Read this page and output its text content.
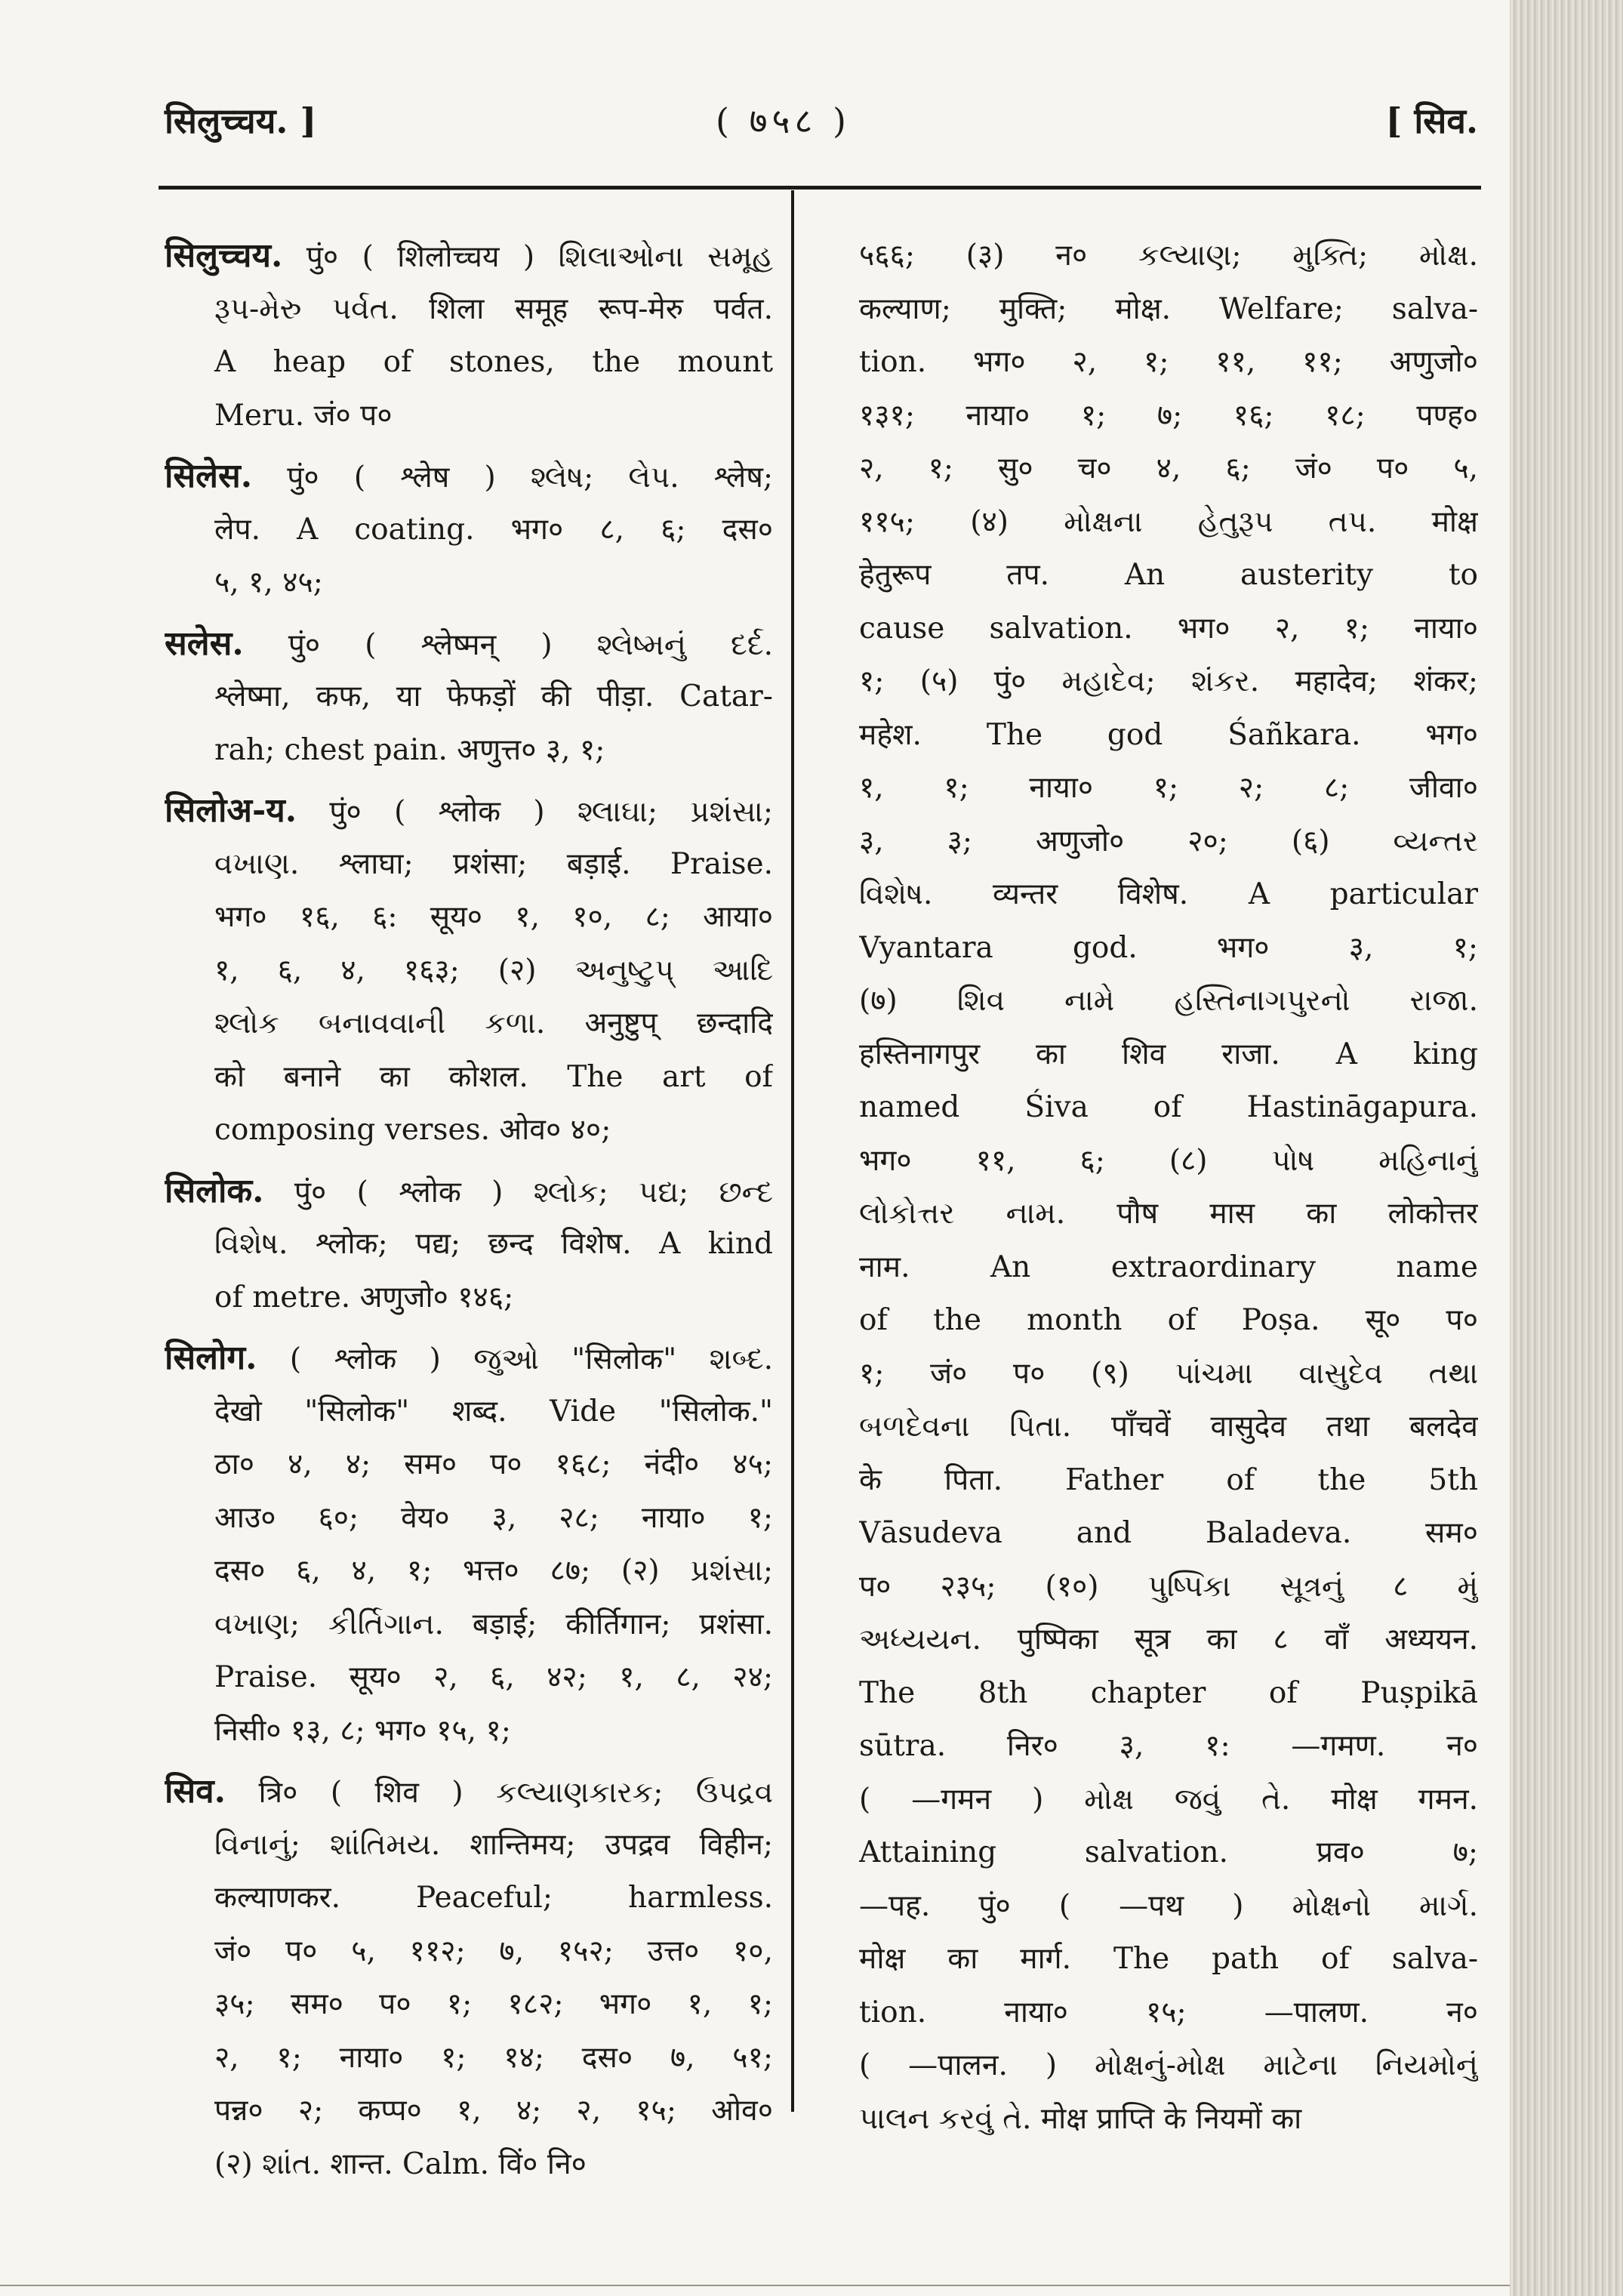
सिलुच्चय. ]	( ७५८ )	[ सिव.
सिलुच्चय. पुं० ( शिलोच्चय ) શિલાઓના સમૂહ
રૂપ-મેરુ પર્વત. शिला समूह रूप-मेरु पर्वत.
A heap of stones, the mount
Meru. जं० प०
सिलेस. पुं० ( श्लेष ) શ્લેષ; લેપ. श्लेष;
लेप. A coating. भग० ८, ६; दस०
५, १, ४५;
सलेस. पुं० ( श्लेष्मन् ) શ્લેષ્મનું દર્દ.
श्लेष्मा, कफ, या फेफड़ों की पीड़ा. Catar-
rah; chest pain. अणुत्त० ३, १;
सिलोअ-य. पुं० ( श्लोक ) શ્લાઘા; પ્રશંસા;
વખાણ. श्लाघा; प्रशंसा; बड़ाई. Praise.
भग० १६, ६: सूय० १, १०, ८; आया०
१, ६, ४, १६३; (२) અનુષ્ટુપ્ આદિ
શ્લોક બનાવવાની કળા. अनुष्टुप् छन्दादि
को बनाने का कोशल. The art of
composing verses. ओव० ४०;
सिलोक. पुं० ( श्लोक ) શ્લોક; પદ્ય; છન્દ
વિશેષ. श्लोक; पद्य; छन्द विशेष. A kind
of metre. अणुजो० १४६;
सिलोग. ( श्लोक ) જુઓ "सिलोक" શબ્દ.
देखो "सिलोक" शब्द. Vide "सिलोक."
ठा० ४, ४; सम० प० १६८; नंदी० ४५;
आउ० ६०; वेय० ३, २८; नाया० १;
दस० ६, ४, १; भत्त० ८७; (२) પ્રશંસા;
વખાણ; કીર્તિગાન. बड़ाई; कीर्तिगान; प्रशंसा.
Praise. सूय० २, ६, ४२; १, ८, २४;
निसी० १३, ८; भग० १५, १;
सिव. त्रि० ( शिव ) કલ્યાણકારક; ઉપદ્રવ
વિનાનું; શાંતિમય. शान्तिमय; उपद्रव विहीन;
कल्याणकर. Peaceful; harmless.
जं० प० ५, ११२; ७, १५२; उत्त० १०,
३५; सम० प० १; १८२; भग० १, १;
२, १; नाया० १; १४; दस० ७, ५१;
पन्न० २; कप्प० १, ४; २, १५; ओव०
(२) શાંત. शान्त. Calm. विं० नि०
५६६; (३) न० કલ્યાણ; મુક્તિ; મોક્ષ.
कल्याण; मुक्ति; मोक्ष. Welfare; salva-
tion. भग० २, १; ११, ११; अणुजो०
१३१; नाया० १; ७; १६; १८; पण्ह०
२, १; सु० च० ४, ६; जं० प० ५,
११५; (४) મોક્ષના હેતુરૂપ તપ. मोक्ष
हेतुरूप तप. An austerity to
cause salvation. भग० २, १; नाया०
१; (५) पुं० મહાદેવ; શંકર. महादेव; शंकर;
महेश. The god Śañkara. भग०
१, १; नाया० १; २; ८; जीवा०
३, ३; अणुजो० २०; (६) વ્યન્તર
વિશેષ. व्यन्तर विशेष. A particular
Vyantara god. भग० ३, १;
(७) શિવ નામે હસ્તિનાગપુરનો રાજા.
हस्तिनागपुर का शिव राजा. A king
named Śiva of Hastināgapura.
भग० ११, ६; (८) પોષ મહિનાનું
લોકોત્તર નામ. पौष मास का लोकोत्तर
नाम. An extraordinary name
of the month of Poṣa. सू० प०
१; जं० प० (९) પાંચમા વાસુદેવ તથા
બળદેવના પિતા. पाँचवें वासुदेव तथा बलदेव
के पिता. Father of the 5th
Vāsudeva and Baladeva. सम०
प० २३५; (१०) પુષ્પિકા સૂત્રનું ८ મું
અધ્યયન. पुष्पिका सूत्र का ८ वाँ अध्ययन.
The 8th chapter of Puṣpikā
sūtra. निर० ३, १: —गमण. न०
( —गमन ) મોક્ષ જવું તે. मोक्ष गमन.
Attaining salvation. प्रव० ७;
—पह. पुं० ( —पथ ) મોક્ષનો માર્ગ.
मोक्ष का मार्ग. The path of salva-
tion. नाया० १५; —पालण. न०
( —पालन. ) મોક્ષનું-મોક્ષ માટેના નિયમોનું
પાલન કરવું તે. मोक्ष प्राप्ति के नियमों का
